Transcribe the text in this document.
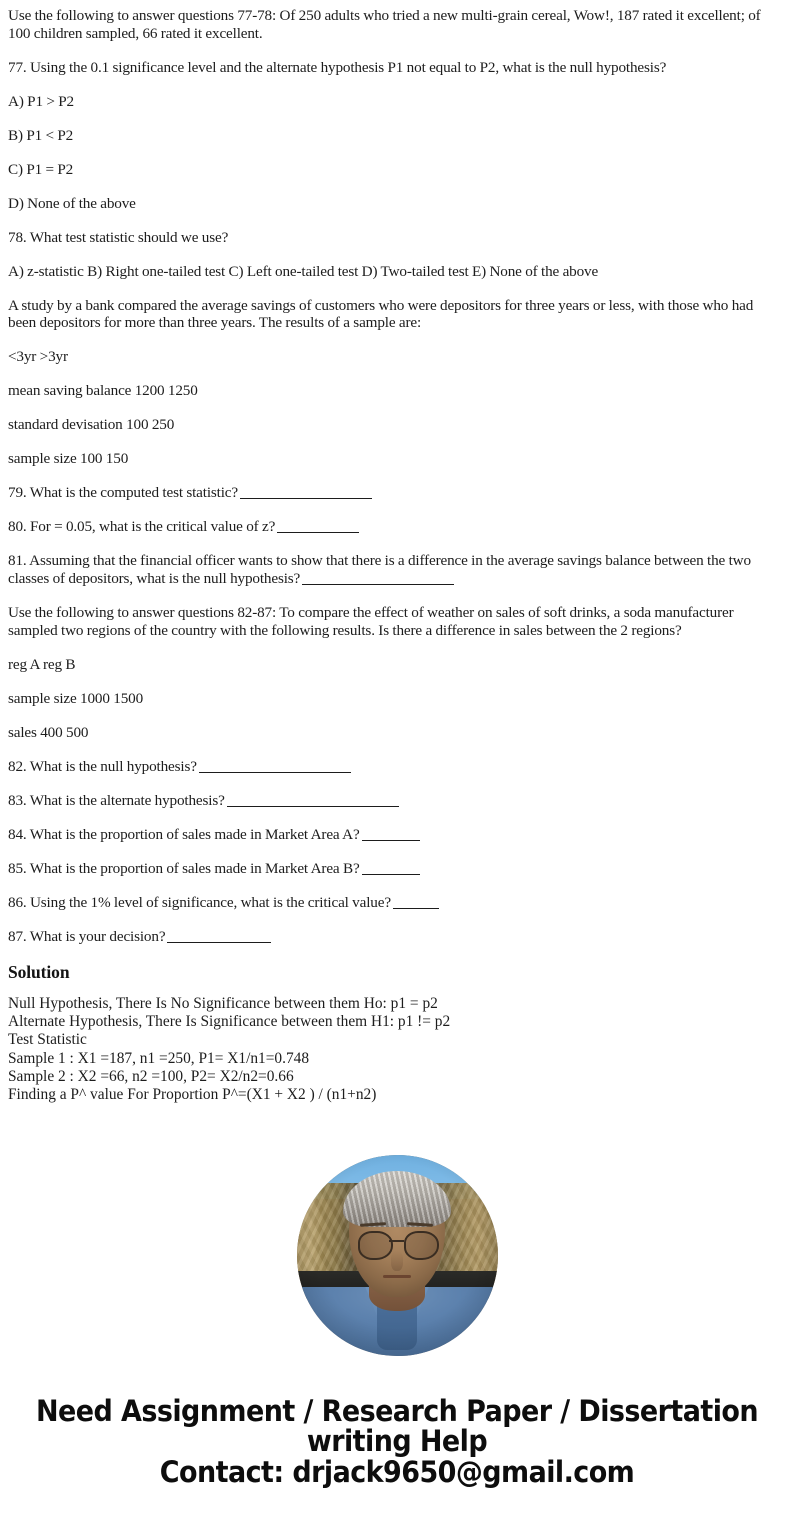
Use the following to answer questions 77-78: Of 250 adults who tried a new multi-grain cereal, Wow!, 187 rated it excellent; of 100 children sampled, 66 rated it excellent.

77. Using the 0.1 significance level and the alternate hypothesis P1 not equal to P2, what is the null hypothesis?

A) P1 > P2

B) P1 < P2

C) P1 = P2

D) None of the above

78. What test statistic should we use?

A) z-statistic B) Right one-tailed test C) Left one-tailed test D) Two-tailed test E) None of the above

A study by a bank compared the average savings of customers who were depositors for three years or less, with those who had been depositors for more than three years. The results of a sample are:

<3yr >3yr

mean saving balance 1200 1250

standard devisation 100 250

sample size 100 150

79. What is the computed test statistic?

80. For = 0.05, what is the critical value of z?

81. Assuming that the financial officer wants to show that there is a difference in the average savings balance between the two classes of depositors, what is the null hypothesis?

Use the following to answer questions 82-87: To compare the effect of weather on sales of soft drinks, a soda manufacturer sampled two regions of the country with the following results. Is there a difference in sales between the 2 regions?

reg A reg B

sample size 1000 1500

sales 400 500

82. What is the null hypothesis?

83. What is the alternate hypothesis?

84. What is the proportion of sales made in Market Area A?

85. What is the proportion of sales made in Market Area B?

86. Using the 1% level of significance, what is the critical value?

87. What is your decision?

Solution
Null Hypothesis, There Is No Significance between them Ho: p1 = p2
Alternate Hypothesis, There Is Significance between them H1: p1 != p2
Test Statistic
Sample 1 : X1 =187, n1 =250, P1= X1/n1=0.748
Sample 2 : X2 =66, n2 =100, P2= X2/n2=0.66
Finding a P^ value For Proportion P^=(X1 + X2 ) / (n1+n2)
Need Assignment / Research Paper / Dissertation
writing Help
Contact: drjack9650@gmail.com
